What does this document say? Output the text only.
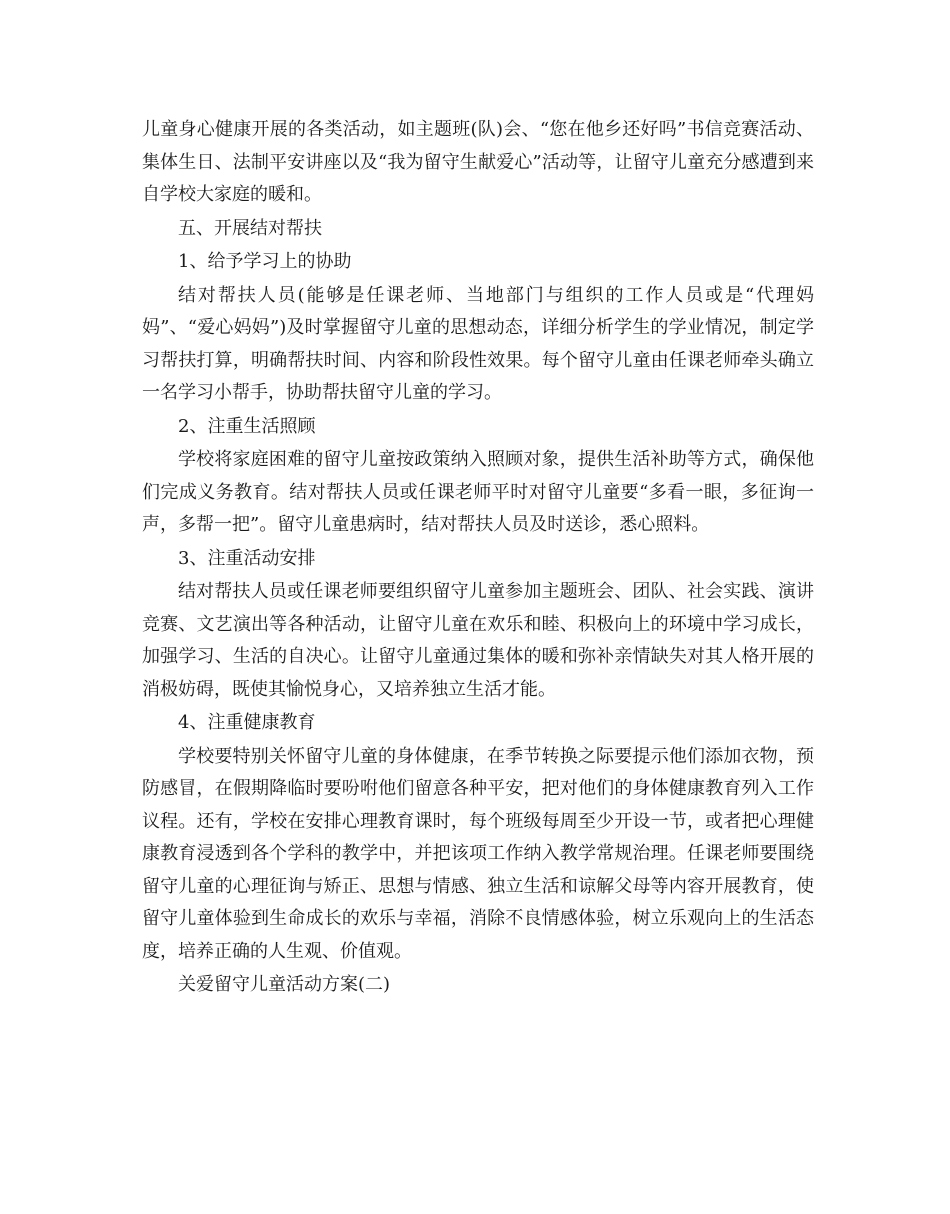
儿童身心健康开展的各类活动，如主题班(队)会、“您在他乡还好吗”书信竞赛活动、集体生日、法制平安讲座以及“我为留守生献爱心”活动等，让留守儿童充分感遭到来自学校大家庭的暖和。

五、开展结对帮扶

1、给予学习上的协助

结对帮扶人员(能够是任课老师、当地部门与组织的工作人员或是“代理妈妈”、“爱心妈妈”)及时掌握留守儿童的思想动态，详细分析学生的学业情况，制定学习帮扶打算，明确帮扶时间、内容和阶段性效果。每个留守儿童由任课老师牵头确立一名学习小帮手，协助帮扶留守儿童的学习。

2、注重生活照顾

学校将家庭困难的留守儿童按政策纳入照顾对象，提供生活补助等方式，确保他们完成义务教育。结对帮扶人员或任课老师平时对留守儿童要“多看一眼，多征询一声，多帮一把”。留守儿童患病时，结对帮扶人员及时送诊，悉心照料。

3、注重活动安排

结对帮扶人员或任课老师要组织留守儿童参加主题班会、团队、社会实践、演讲竞赛、文艺演出等各种活动，让留守儿童在欢乐和睦、积极向上的环境中学习成长，加强学习、生活的自决心。让留守儿童通过集体的暖和弥补亲情缺失对其人格开展的消极妨碍，既使其愉悦身心，又培养独立生活才能。

4、注重健康教育

学校要特别关怀留守儿童的身体健康，在季节转换之际要提示他们添加衣物，预防感冒，在假期降临时要吩咐他们留意各种平安，把对他们的身体健康教育列入工作议程。还有，学校在安排心理教育课时，每个班级每周至少开设一节，或者把心理健康教育浸透到各个学科的教学中，并把该项工作纳入教学常规治理。任课老师要围绕留守儿童的心理征询与矫正、思想与情感、独立生活和谅解父母等内容开展教育，使留守儿童体验到生命成长的欢乐与幸福，消除不良情感体验，树立乐观向上的生活态度，培养正确的人生观、价值观。

关爱留守儿童活动方案(二)
